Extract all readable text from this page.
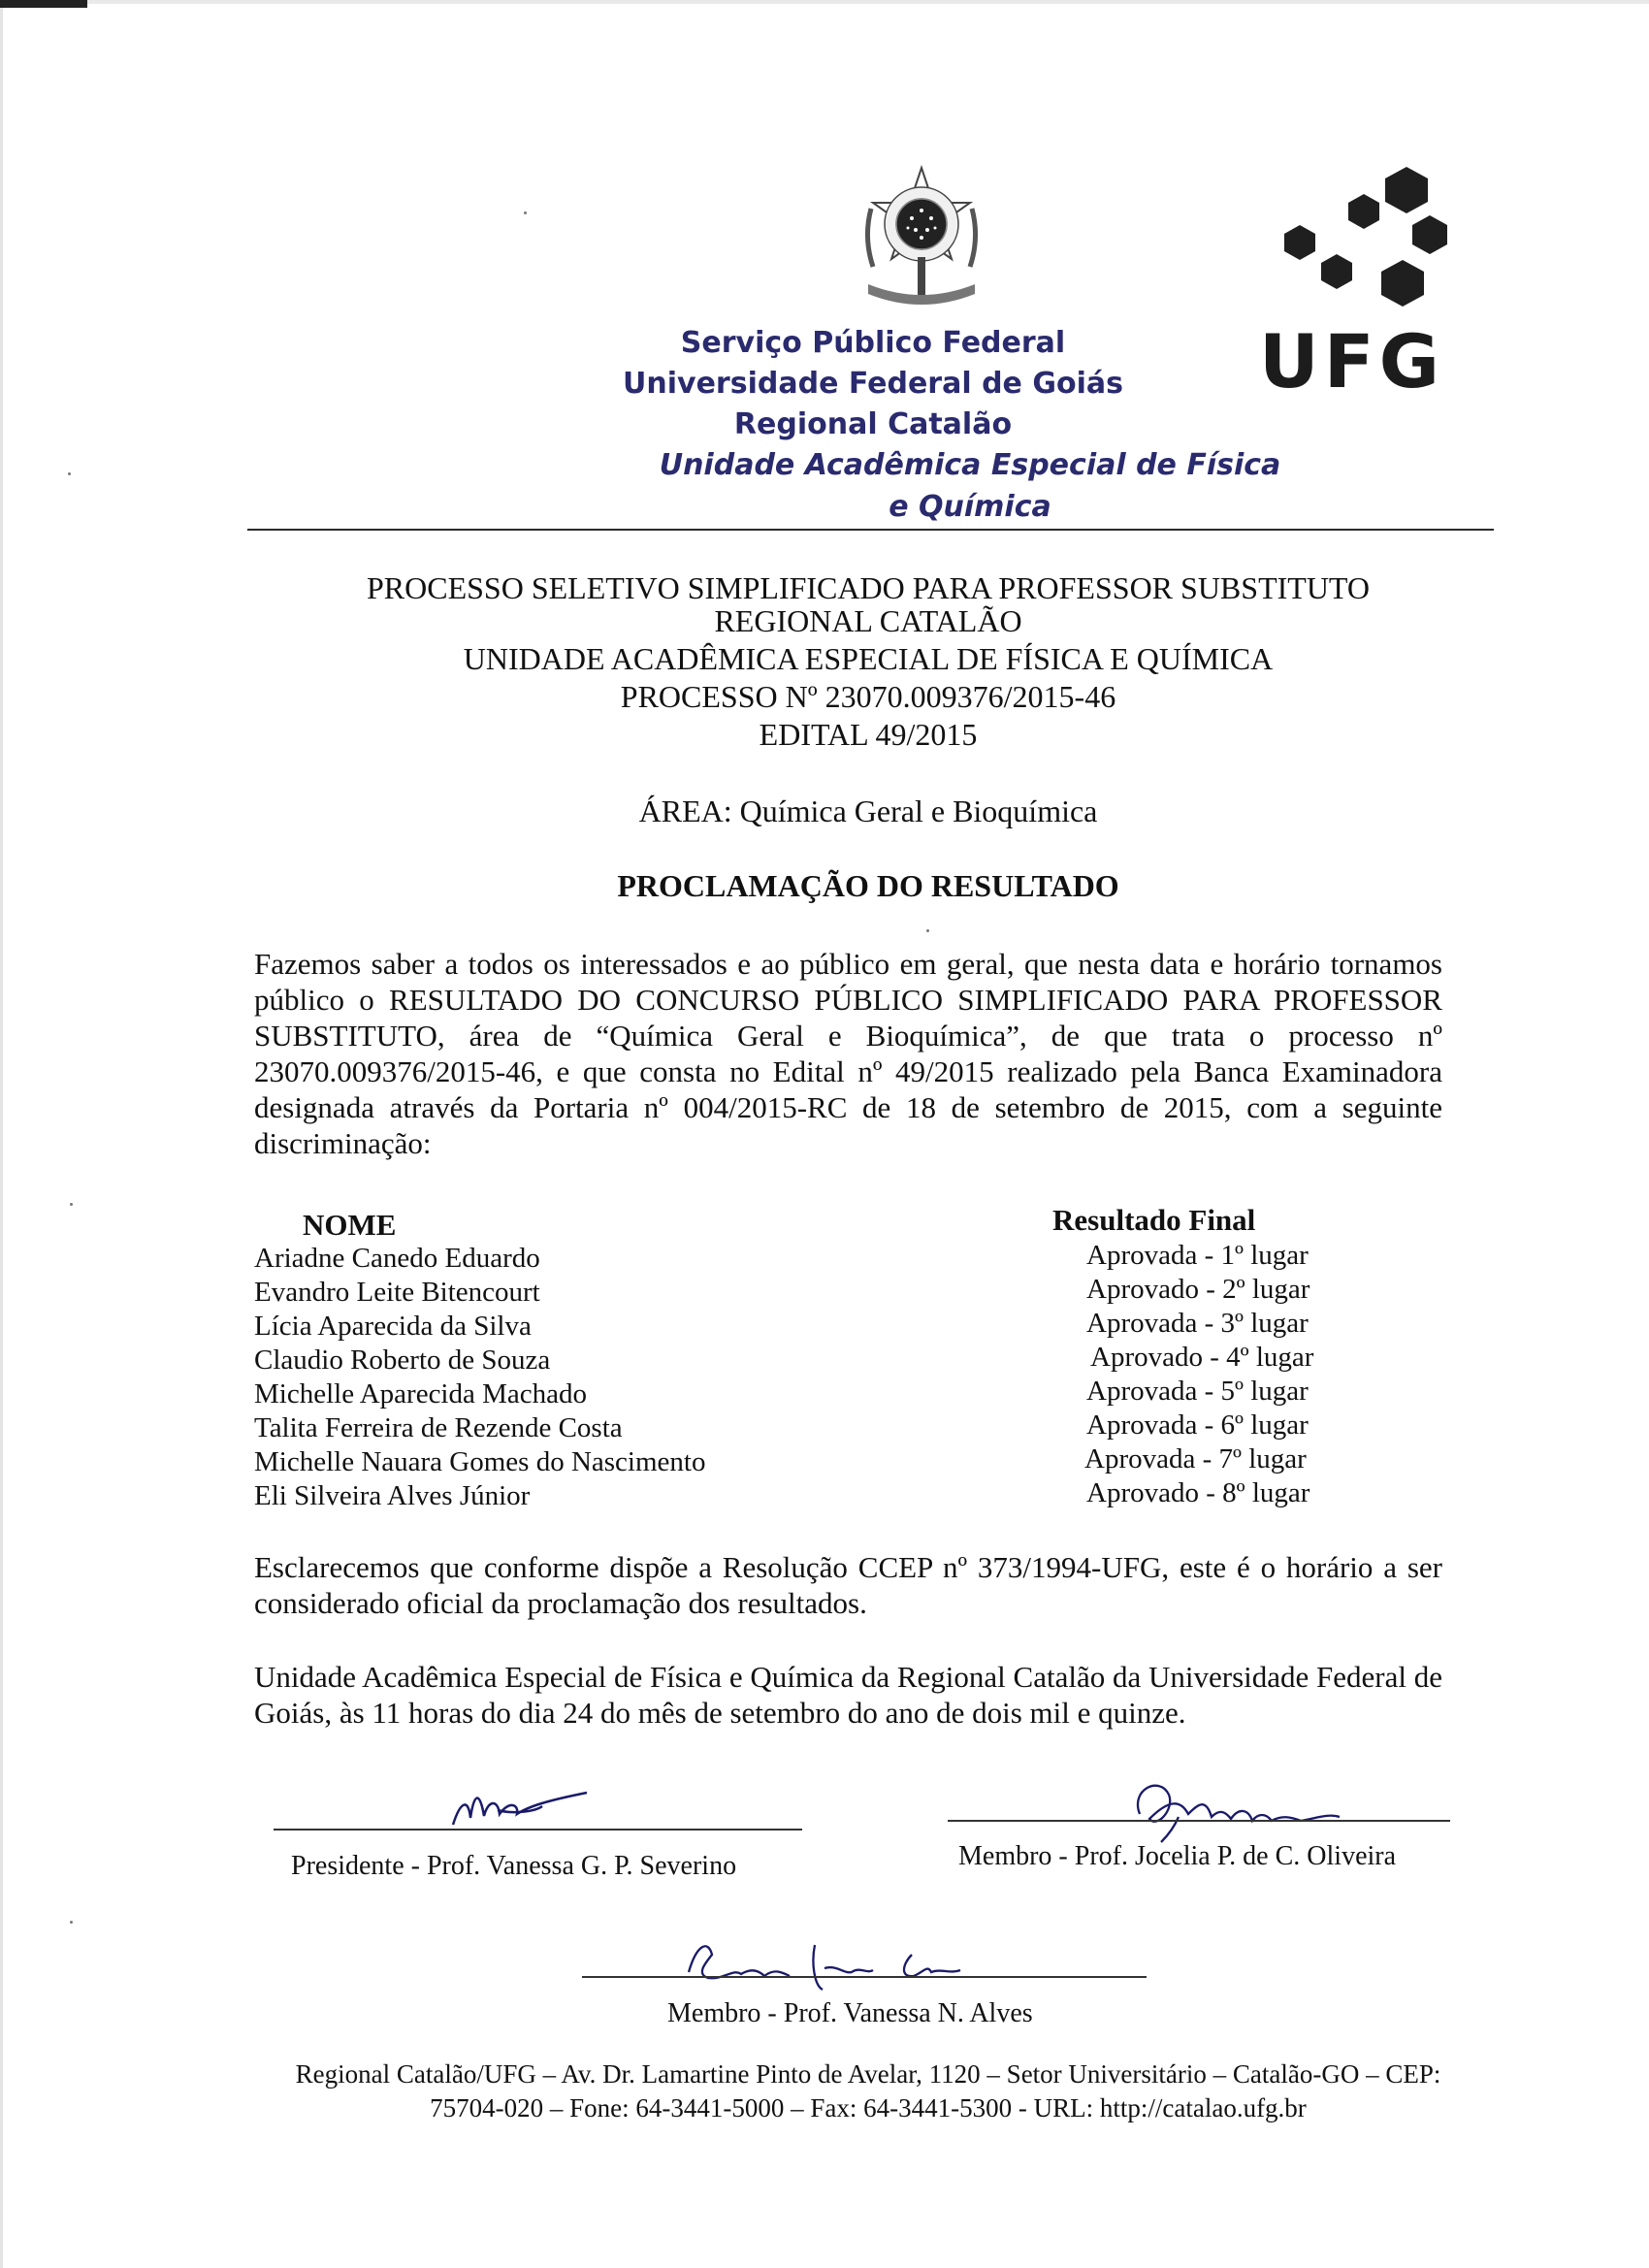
UFG
Serviço Público Federal
Universidade Federal de Goiás
Regional Catalão
Unidade Acadêmica Especial de Física
e Química
PROCESSO SELETIVO SIMPLIFICADO PARA PROFESSOR SUBSTITUTO
REGIONAL CATALÃO
UNIDADE ACADÊMICA ESPECIAL DE FÍSICA E QUÍMICA
PROCESSO Nº 23070.009376/2015-46
EDITAL 49/2015
ÁREA: Química Geral e Bioquímica
PROCLAMAÇÃO DO RESULTADO
Fazemos saber a todos os interessados e ao público em geral, que nesta data e horário tornamos público o RESULTADO DO CONCURSO PÚBLICO SIMPLIFICADO PARA PROFESSOR SUBSTITUTO, área de “Química Geral e Bioquímica”, de que trata o processo nº 23070.009376/2015-46, e que consta no Edital nº 49/2015 realizado pela Banca Examinadora designada através da Portaria nº 004/2015-RC de 18 de setembro de 2015, com a seguinte discriminação:
NOME	Resultado Final
Ariadne Canedo Eduardo
Evandro Leite Bitencourt
Lícia Aparecida da Silva
Claudio Roberto de Souza
Michelle Aparecida Machado
Talita Ferreira de Rezende Costa
Michelle Nauara Gomes do Nascimento
Eli Silveira Alves Júnior
Aprovada - 1º lugar
Aprovado - 2º lugar
Aprovada - 3º lugar
Aprovado - 4º lugar
Aprovada - 5º lugar
Aprovada - 6º lugar
Aprovada - 7º lugar
Aprovado - 8º lugar
Esclarecemos que conforme dispõe a Resolução CCEP nº 373/1994-UFG, este é o horário a ser considerado oficial da proclamação dos resultados.
Unidade Acadêmica Especial de Física e Química da Regional Catalão da Universidade Federal de Goiás, às 11 horas do dia 24 do mês de setembro do ano de dois mil e quinze.
Presidente - Prof. Vanessa G. P. Severino	Membro - Prof. Jocelia P. de C. Oliveira
Membro - Prof. Vanessa N. Alves
Regional Catalão/UFG – Av. Dr. Lamartine Pinto de Avelar, 1120 – Setor Universitário – Catalão-GO – CEP:
75704-020 – Fone: 64-3441-5000 – Fax: 64-3441-5300 - URL: http://catalao.ufg.br
